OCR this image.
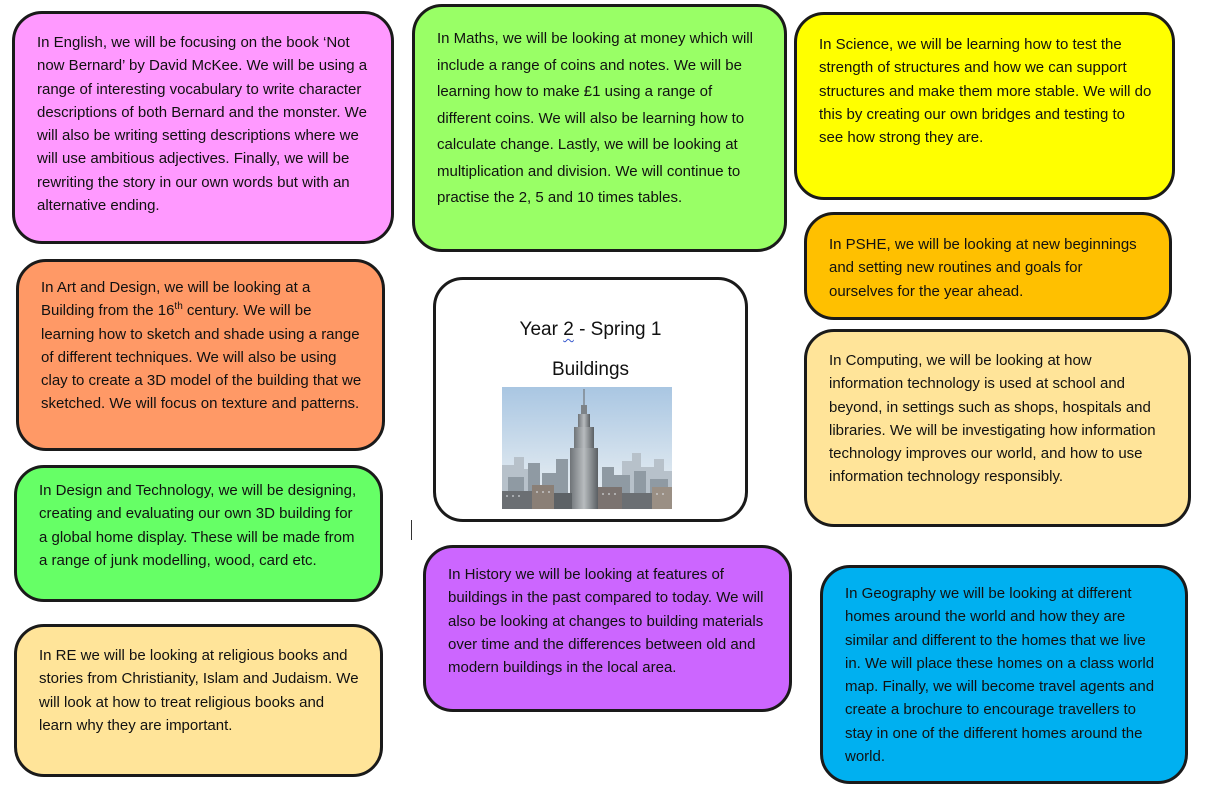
In English, we will be focusing on the book ‘Not now Bernard’ by David McKee. We will be using a range of interesting vocabulary to write character descriptions of both Bernard and the monster. We will also be writing setting descriptions where we will use ambitious adjectives. Finally, we will be rewriting the story in our own words but with an alternative ending.

In Maths, we will be looking at money which will include a range of coins and notes. We will be learning how to make £1 using a range of different coins. We will also be learning how to calculate change. Lastly, we will be looking at multiplication and division. We will continue to practise the 2, 5 and 10 times tables.

In Science, we will be learning how to test the strength of structures and how we can support structures and make them more stable. We will do this by creating our own bridges and testing to see how strong they are.

In PSHE, we will be looking at new beginnings and setting new routines and goals for ourselves for the year ahead.

In Computing, we will be looking at how information technology is used at school and beyond, in settings such as shops, hospitals and libraries. We will be investigating how information technology improves our world, and how to use information technology responsibly.

In Art and Design, we will be looking at a Building from the 16th century. We will be learning how to sketch and shade using a range of different techniques. We will also be using clay to create a 3D model of the building that we sketched. We will focus on texture and patterns.

In Design and Technology, we will be designing, creating and evaluating our own 3D building for a global home display. These will be made from a range of junk modelling, wood, card etc.

In RE we will be looking at religious books and stories from Christianity, Islam and Judaism. We will look at how to treat religious books and learn why they are important.

In History we will be looking at features of buildings in the past compared to today. We will also be looking at changes to building materials over time and the differences between old and modern buildings in the local area.

In Geography we will be looking at different homes around the world and how they are similar and different to the homes that we live in. We will place these homes on a class world map. Finally, we will become travel agents and create a brochure to encourage travellers to stay in one of the different homes around the world.

Year 2 - Spring 1
Buildings
